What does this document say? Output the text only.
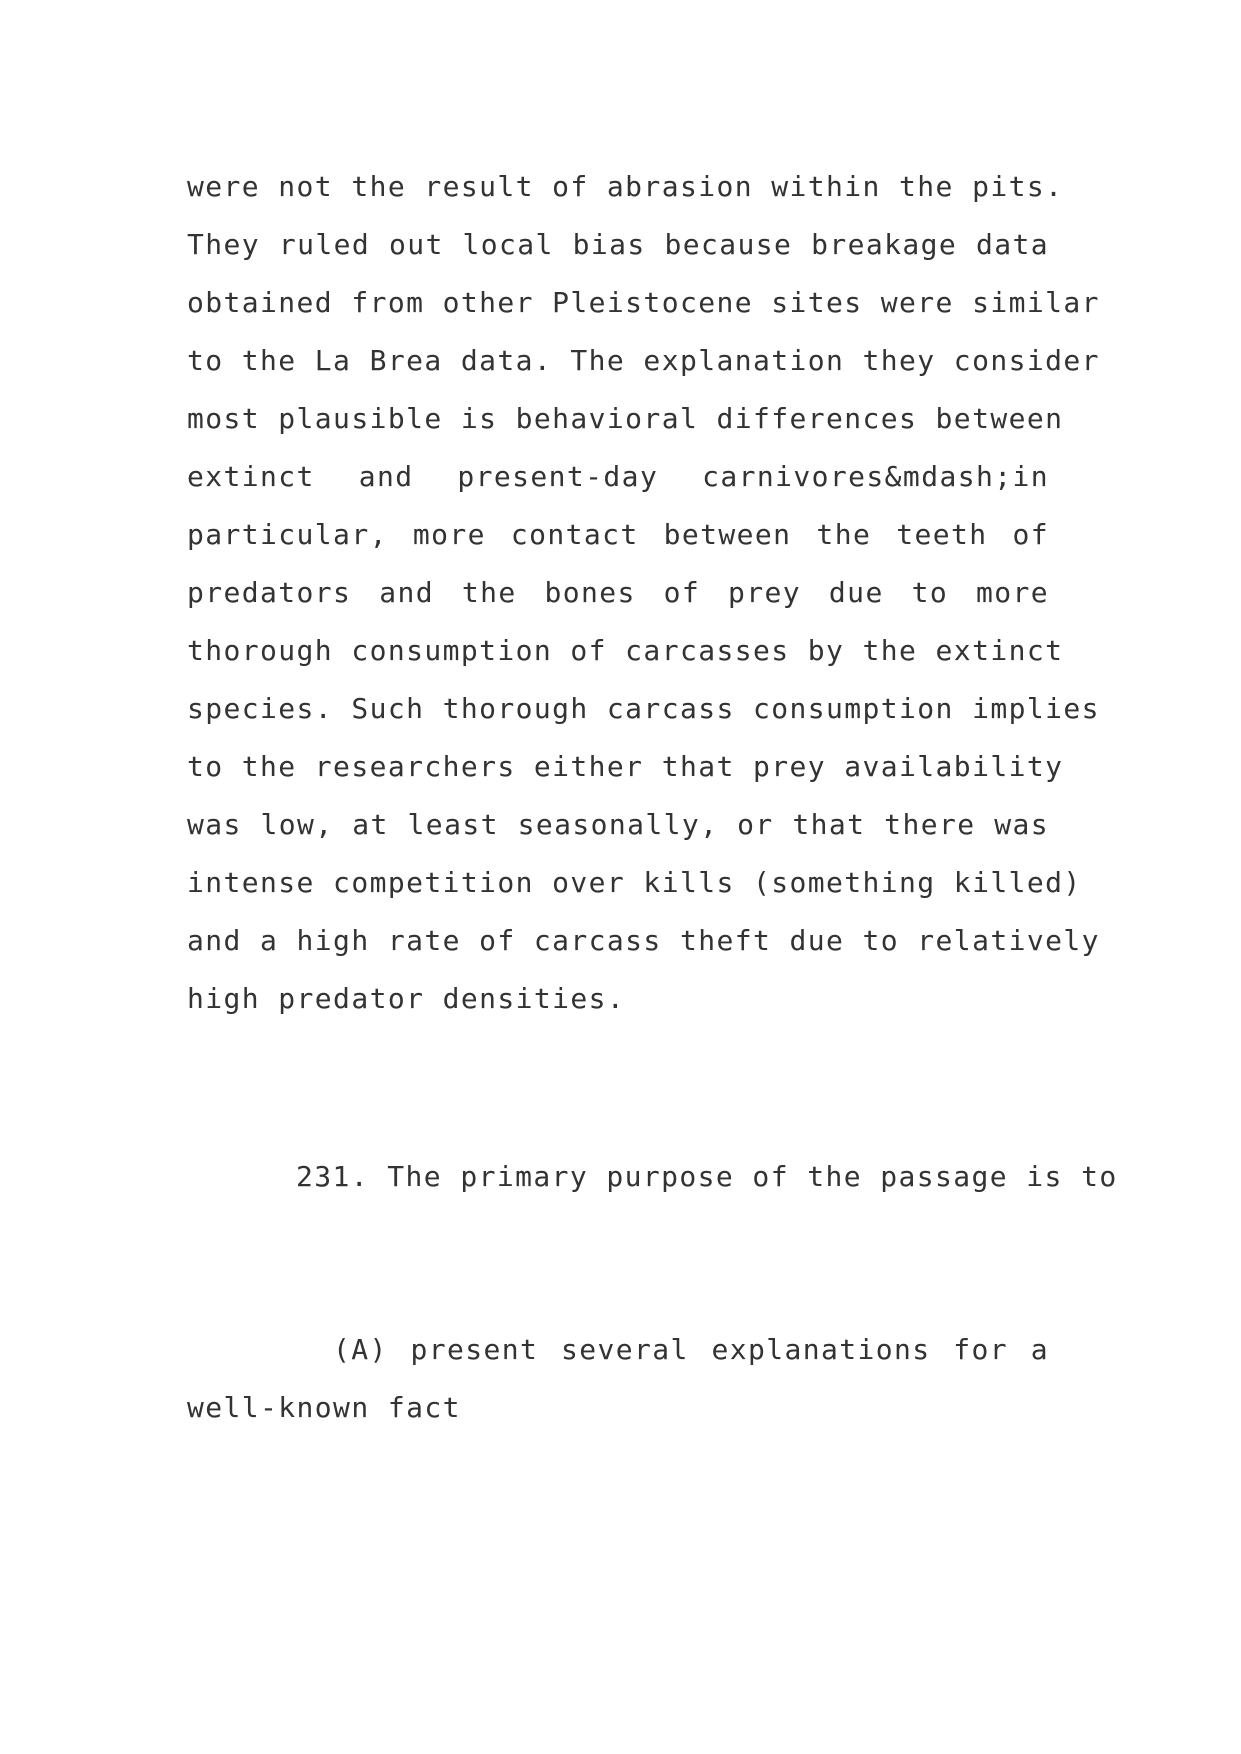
were not the result of abrasion within the pits.
They ruled out local bias because breakage data
obtained from other Pleistocene sites were similar
to the La Brea data. The explanation they consider
most plausible is behavioral differences between
extinct and present-day carnivores&mdash;in
particular, more contact between the teeth of
predators and the bones of prey due to more
thorough consumption of carcasses by the extinct
species. Such thorough carcass consumption implies
to the researchers either that prey availability
was low, at least seasonally, or that there was
intense competition over kills (something killed)
and a high rate of carcass theft due to relatively
high predator densities.
231. The primary purpose of the passage is to
(A) present several explanations for a
well-known fact
